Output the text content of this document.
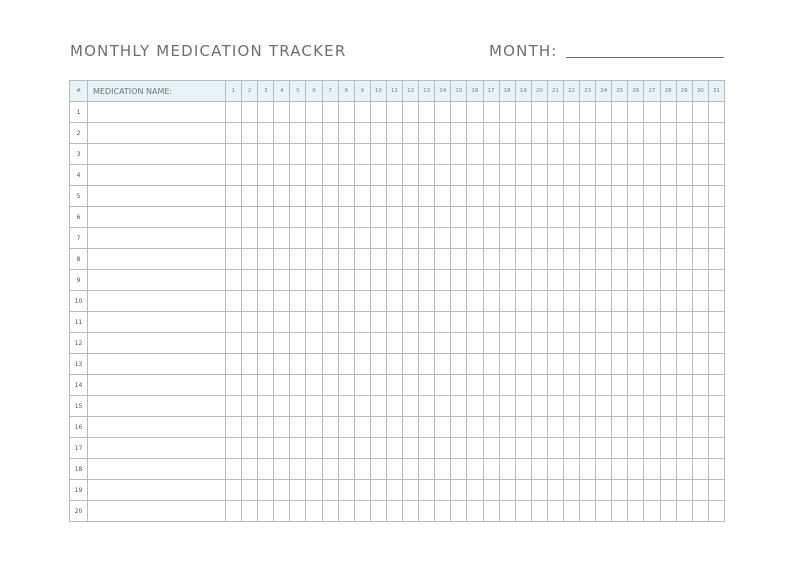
MONTHLY MEDICATION TRACKER	MONTH:
#	MEDICATION NAME:	1	2	3	4	5	6	7	8	9	10	11	12	13	14	15	16	17	18	19	20	21	22	23	24	25	26	27	28	29	30	31
1																																
2																																
3																																
4																																
5																																
6																																
7																																
8																																
9																																
10																																
11																																
12																																
13																																
14																																
15																																
16																																
17																																
18																																
19																																
20																																
